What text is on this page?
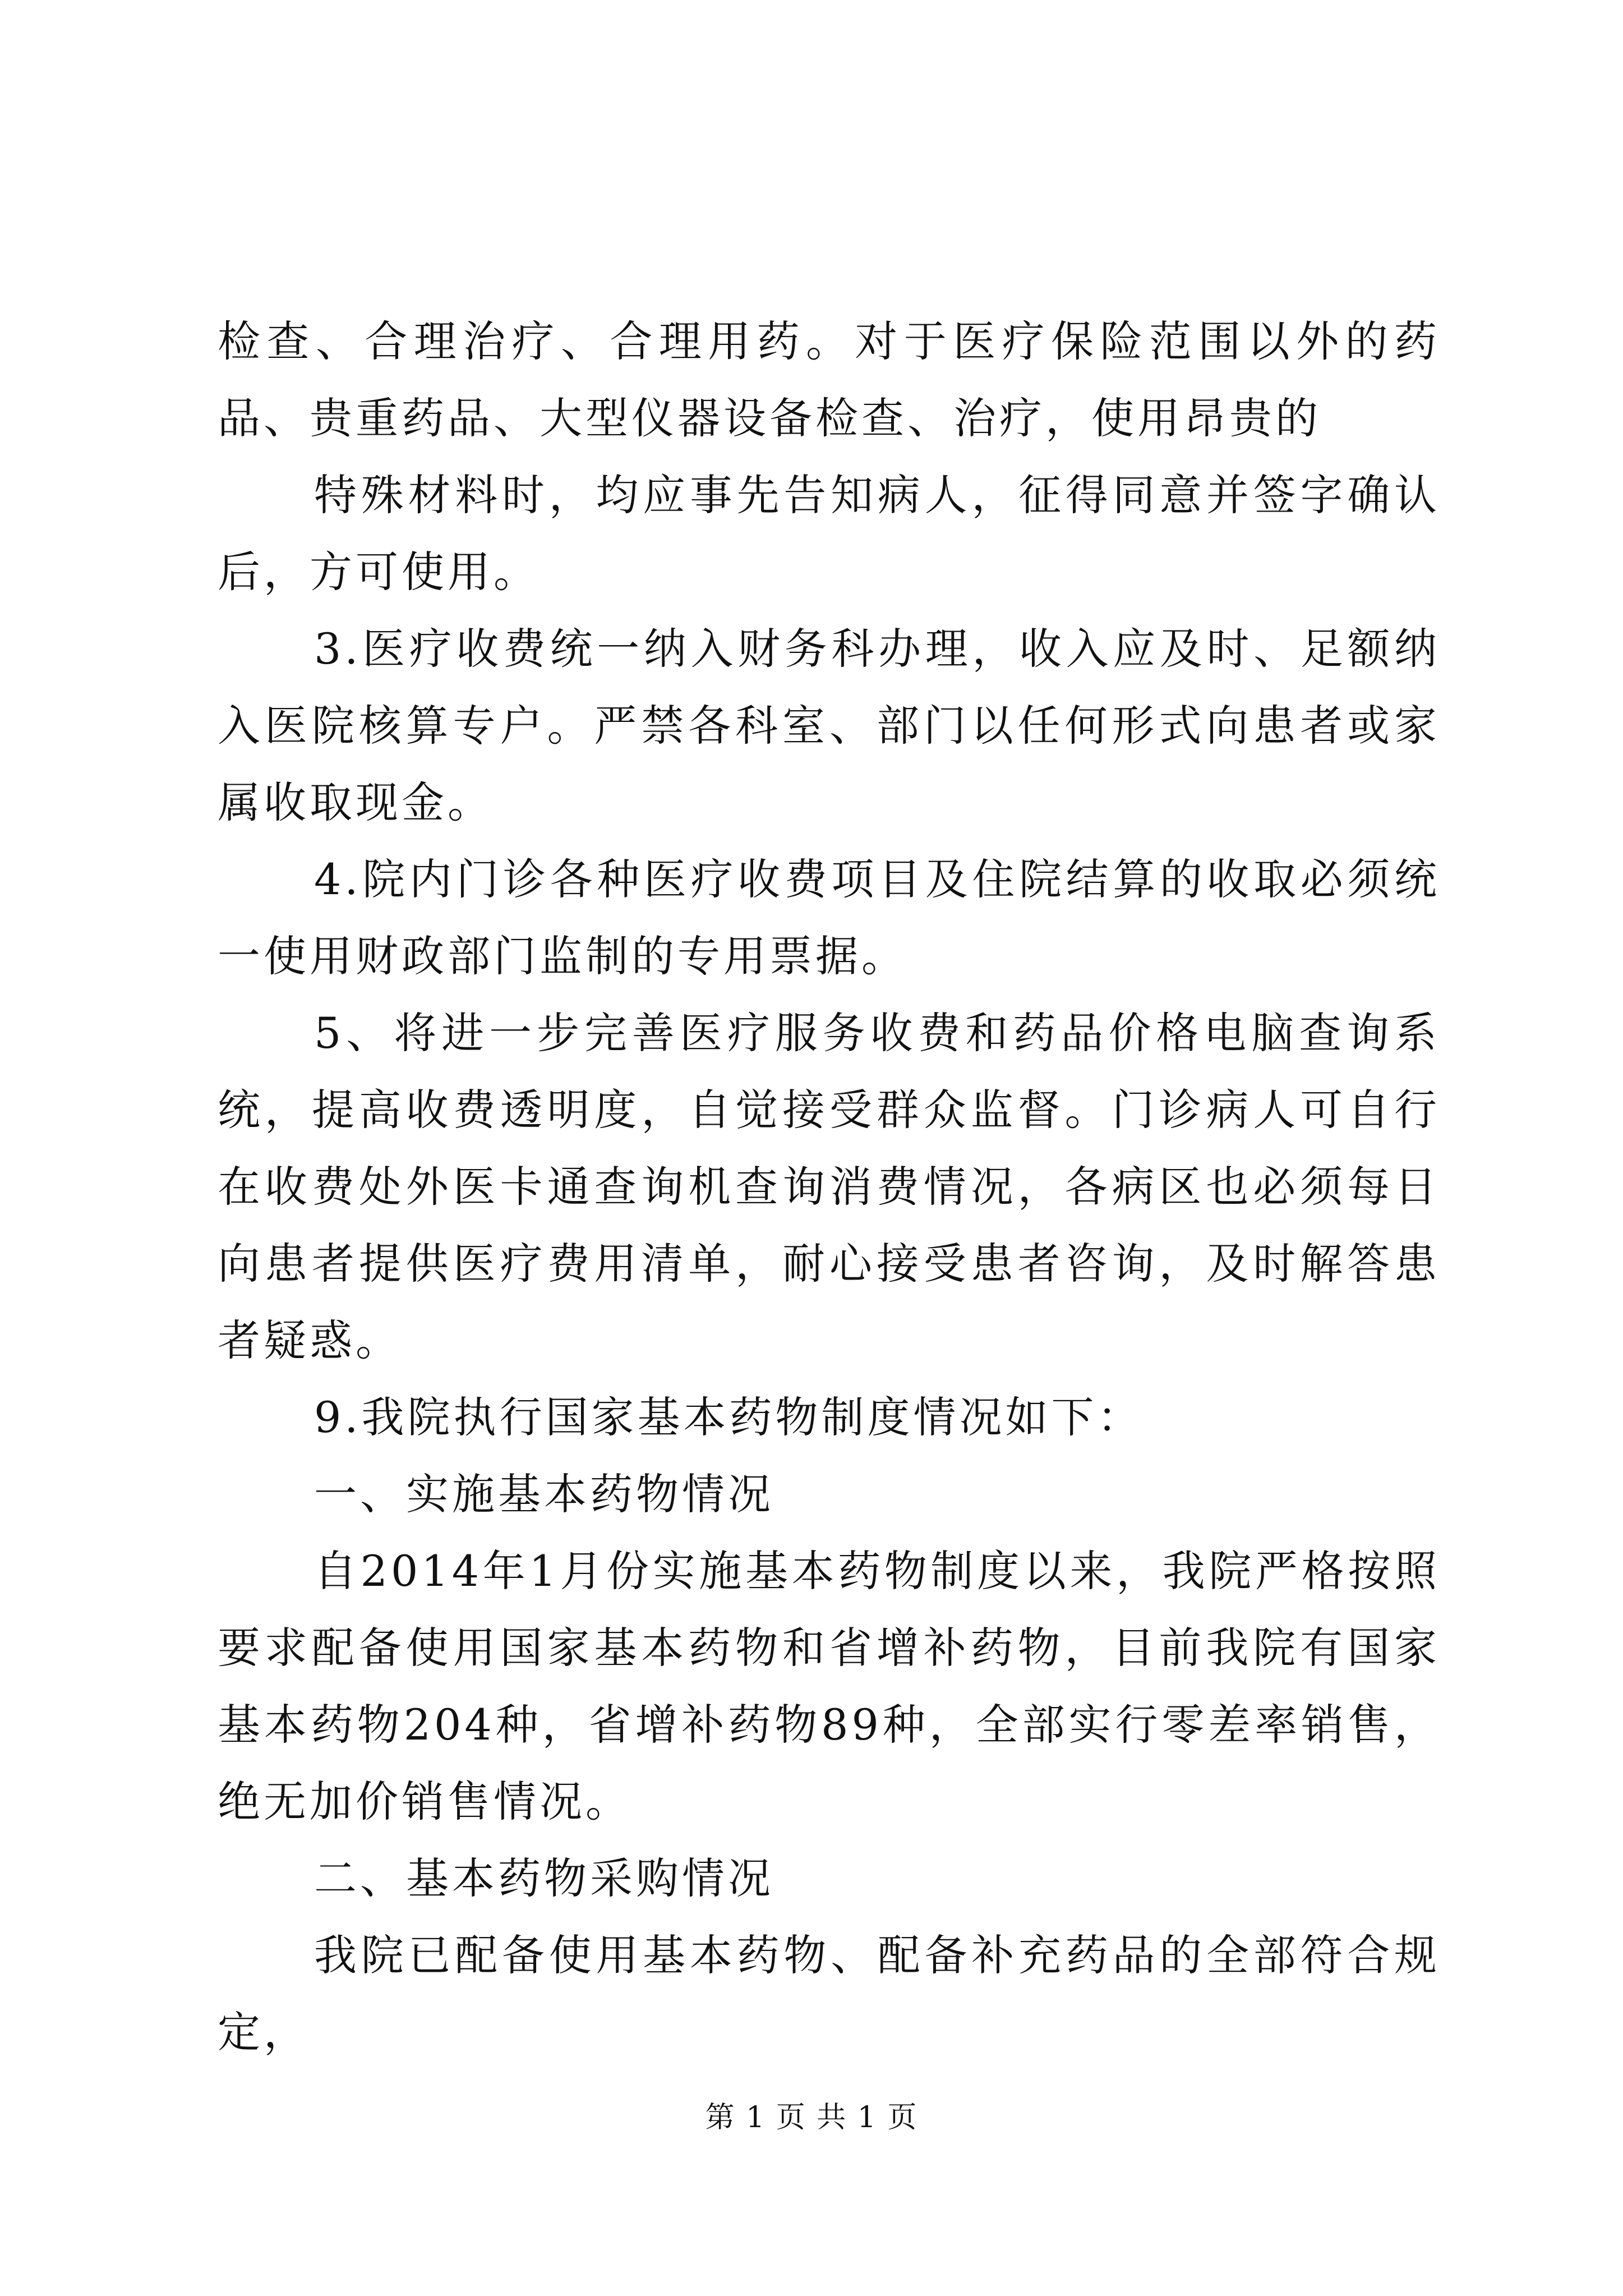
检查、合理治疗、合理用药。对于医疗保险范围以外的药品、贵重药品、大型仪器设备检查、治疗，使用昂贵的

特殊材料时，均应事先告知病人，征得同意并签字确认后，方可使用。

3.医疗收费统一纳入财务科办理，收入应及时、足额纳入医院核算专户。严禁各科室、部门以任何形式向患者或家属收取现金。

4.院内门诊各种医疗收费项目及住院结算的收取必须统一使用财政部门监制的专用票据。

5、将进一步完善医疗服务收费和药品价格电脑查询系统，提高收费透明度，自觉接受群众监督。门诊病人可自行在收费处外医卡通查询机查询消费情况，各病区也必须每日向患者提供医疗费用清单，耐心接受患者咨询，及时解答患者疑惑。

9.我院执行国家基本药物制度情况如下：

一、实施基本药物情况

自2014年1月份实施基本药物制度以来，我院严格按照要求配备使用国家基本药物和省增补药物，目前我院有国家基本药物204种，省增补药物89种，全部实行零差率销售，绝无加价销售情况。

二、基本药物采购情况

我院已配备使用基本药物、配备补充药品的全部符合规定，

第 1 页 共 1 页
